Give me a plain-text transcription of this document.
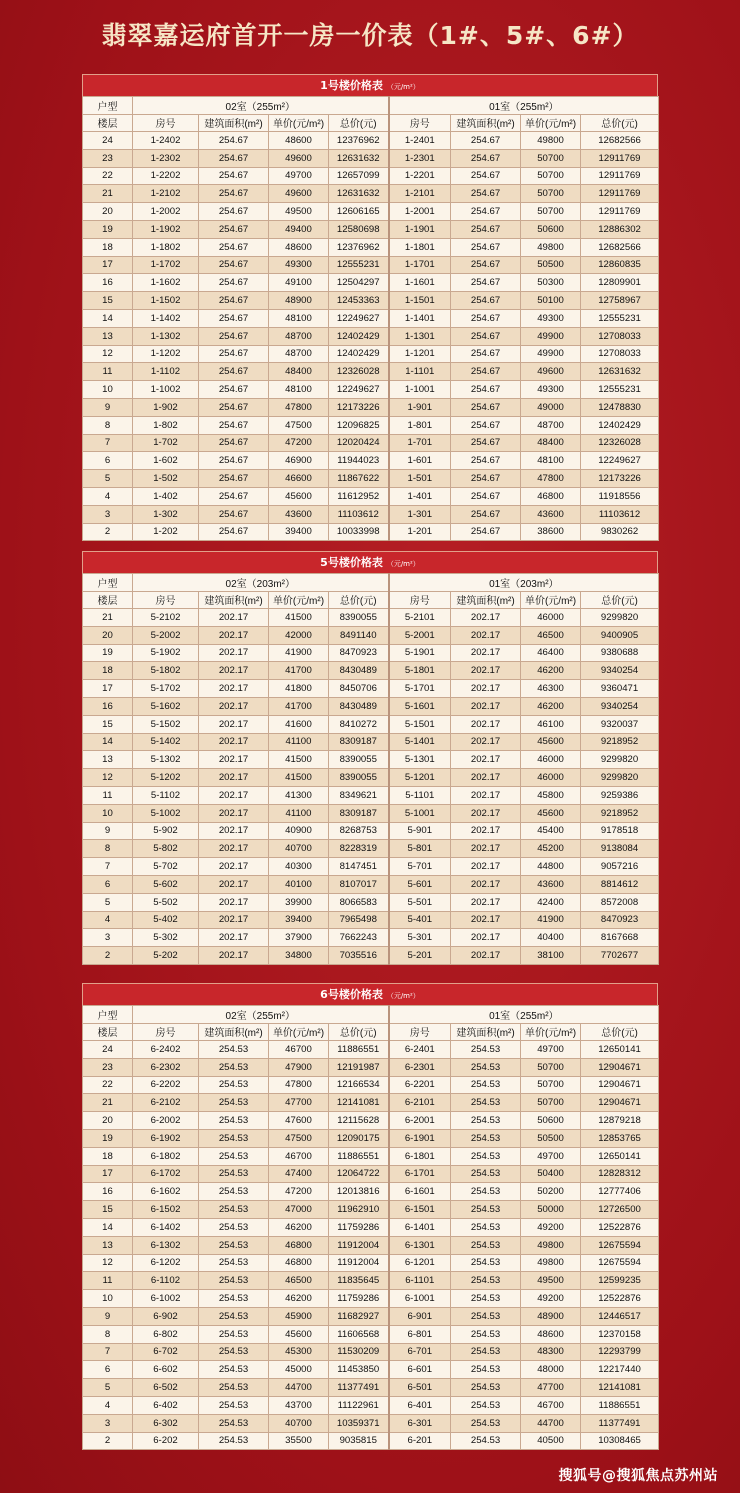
翡翠嘉运府首开一房一价表（1#、5#、6#）
1号楼价格表 （元/m²）
户型	02室（255m²）				01室（255m²）			
楼层	房号	建筑面积(m²)	单价(元/m²)	总价(元)	房号	建筑面积(m²)	单价(元/m²)	总价(元)
24	1-2402	254.67	48600	12376962	1-2401	254.67	49800	12682566
23	1-2302	254.67	49600	12631632	1-2301	254.67	50700	12911769
22	1-2202	254.67	49700	12657099	1-2201	254.67	50700	12911769
21	1-2102	254.67	49600	12631632	1-2101	254.67	50700	12911769
20	1-2002	254.67	49500	12606165	1-2001	254.67	50700	12911769
19	1-1902	254.67	49400	12580698	1-1901	254.67	50600	12886302
18	1-1802	254.67	48600	12376962	1-1801	254.67	49800	12682566
17	1-1702	254.67	49300	12555231	1-1701	254.67	50500	12860835
16	1-1602	254.67	49100	12504297	1-1601	254.67	50300	12809901
15	1-1502	254.67	48900	12453363	1-1501	254.67	50100	12758967
14	1-1402	254.67	48100	12249627	1-1401	254.67	49300	12555231
13	1-1302	254.67	48700	12402429	1-1301	254.67	49900	12708033
12	1-1202	254.67	48700	12402429	1-1201	254.67	49900	12708033
11	1-1102	254.67	48400	12326028	1-1101	254.67	49600	12631632
10	1-1002	254.67	48100	12249627	1-1001	254.67	49300	12555231
9	1-902	254.67	47800	12173226	1-901	254.67	49000	12478830
8	1-802	254.67	47500	12096825	1-801	254.67	48700	12402429
7	1-702	254.67	47200	12020424	1-701	254.67	48400	12326028
6	1-602	254.67	46900	11944023	1-601	254.67	48100	12249627
5	1-502	254.67	46600	11867622	1-501	254.67	47800	12173226
4	1-402	254.67	45600	11612952	1-401	254.67	46800	11918556
3	1-302	254.67	43600	11103612	1-301	254.67	43600	11103612
2	1-202	254.67	39400	10033998	1-201	254.67	38600	9830262
5号楼价格表 （元/m²）
户型	02室（203m²）				01室（203m²）			
楼层	房号	建筑面积(m²)	单价(元/m²)	总价(元)	房号	建筑面积(m²)	单价(元/m²)	总价(元)
21	5-2102	202.17	41500	8390055	5-2101	202.17	46000	9299820
20	5-2002	202.17	42000	8491140	5-2001	202.17	46500	9400905
19	5-1902	202.17	41900	8470923	5-1901	202.17	46400	9380688
18	5-1802	202.17	41700	8430489	5-1801	202.17	46200	9340254
17	5-1702	202.17	41800	8450706	5-1701	202.17	46300	9360471
16	5-1602	202.17	41700	8430489	5-1601	202.17	46200	9340254
15	5-1502	202.17	41600	8410272	5-1501	202.17	46100	9320037
14	5-1402	202.17	41100	8309187	5-1401	202.17	45600	9218952
13	5-1302	202.17	41500	8390055	5-1301	202.17	46000	9299820
12	5-1202	202.17	41500	8390055	5-1201	202.17	46000	9299820
11	5-1102	202.17	41300	8349621	5-1101	202.17	45800	9259386
10	5-1002	202.17	41100	8309187	5-1001	202.17	45600	9218952
9	5-902	202.17	40900	8268753	5-901	202.17	45400	9178518
8	5-802	202.17	40700	8228319	5-801	202.17	45200	9138084
7	5-702	202.17	40300	8147451	5-701	202.17	44800	9057216
6	5-602	202.17	40100	8107017	5-601	202.17	43600	8814612
5	5-502	202.17	39900	8066583	5-501	202.17	42400	8572008
4	5-402	202.17	39400	7965498	5-401	202.17	41900	8470923
3	5-302	202.17	37900	7662243	5-301	202.17	40400	8167668
2	5-202	202.17	34800	7035516	5-201	202.17	38100	7702677
6号楼价格表 （元/m²）
户型	02室（255m²）				01室（255m²）			
楼层	房号	建筑面积(m²)	单价(元/m²)	总价(元)	房号	建筑面积(m²)	单价(元/m²)	总价(元)
24	6-2402	254.53	46700	11886551	6-2401	254.53	49700	12650141
23	6-2302	254.53	47900	12191987	6-2301	254.53	50700	12904671
22	6-2202	254.53	47800	12166534	6-2201	254.53	50700	12904671
21	6-2102	254.53	47700	12141081	6-2101	254.53	50700	12904671
20	6-2002	254.53	47600	12115628	6-2001	254.53	50600	12879218
19	6-1902	254.53	47500	12090175	6-1901	254.53	50500	12853765
18	6-1802	254.53	46700	11886551	6-1801	254.53	49700	12650141
17	6-1702	254.53	47400	12064722	6-1701	254.53	50400	12828312
16	6-1602	254.53	47200	12013816	6-1601	254.53	50200	12777406
15	6-1502	254.53	47000	11962910	6-1501	254.53	50000	12726500
14	6-1402	254.53	46200	11759286	6-1401	254.53	49200	12522876
13	6-1302	254.53	46800	11912004	6-1301	254.53	49800	12675594
12	6-1202	254.53	46800	11912004	6-1201	254.53	49800	12675594
11	6-1102	254.53	46500	11835645	6-1101	254.53	49500	12599235
10	6-1002	254.53	46200	11759286	6-1001	254.53	49200	12522876
9	6-902	254.53	45900	11682927	6-901	254.53	48900	12446517
8	6-802	254.53	45600	11606568	6-801	254.53	48600	12370158
7	6-702	254.53	45300	11530209	6-701	254.53	48300	12293799
6	6-602	254.53	45000	11453850	6-601	254.53	48000	12217440
5	6-502	254.53	44700	11377491	6-501	254.53	47700	12141081
4	6-402	254.53	43700	11122961	6-401	254.53	46700	11886551
3	6-302	254.53	40700	10359371	6-301	254.53	44700	11377491
2	6-202	254.53	35500	9035815	6-201	254.53	40500	10308465
搜狐号@搜狐焦点苏州站
